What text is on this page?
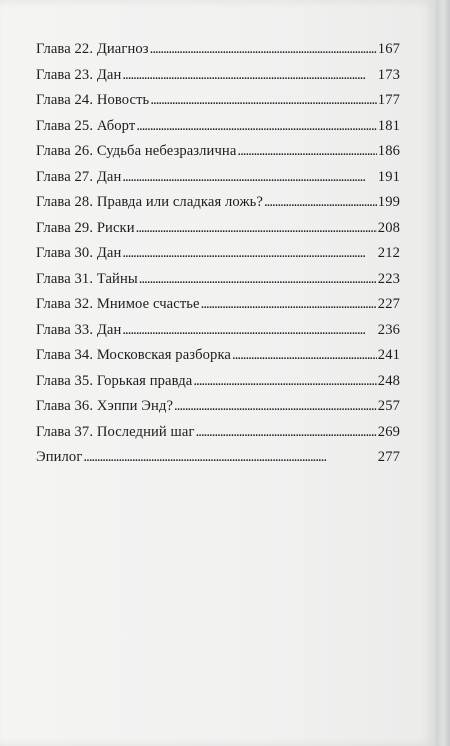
Глава 22. Диагноз . . .	167
Глава 23. Дан . . .	173
Глава 24. Новость . . .	177
Глава 25. Аборт . . .	181
Глава 26. Судьба небезразлична . . .	186
Глава 27. Дан . . .	191
Глава 28. Правда или сладкая ложь? . . .	199
Глава 29. Риски . . .	208
Глава 30. Дан . . .	212
Глава 31. Тайны . . .	223
Глава 32. Мнимое счастье . . .	227
Глава 33. Дан . . .	236
Глава 34. Московская разборка . . .	241
Глава 35. Горькая правда . . .	248
Глава 36. Хэппи Энд? . . .	257
Глава 37. Последний шаг . . .	269
Эпилог . . .	277
